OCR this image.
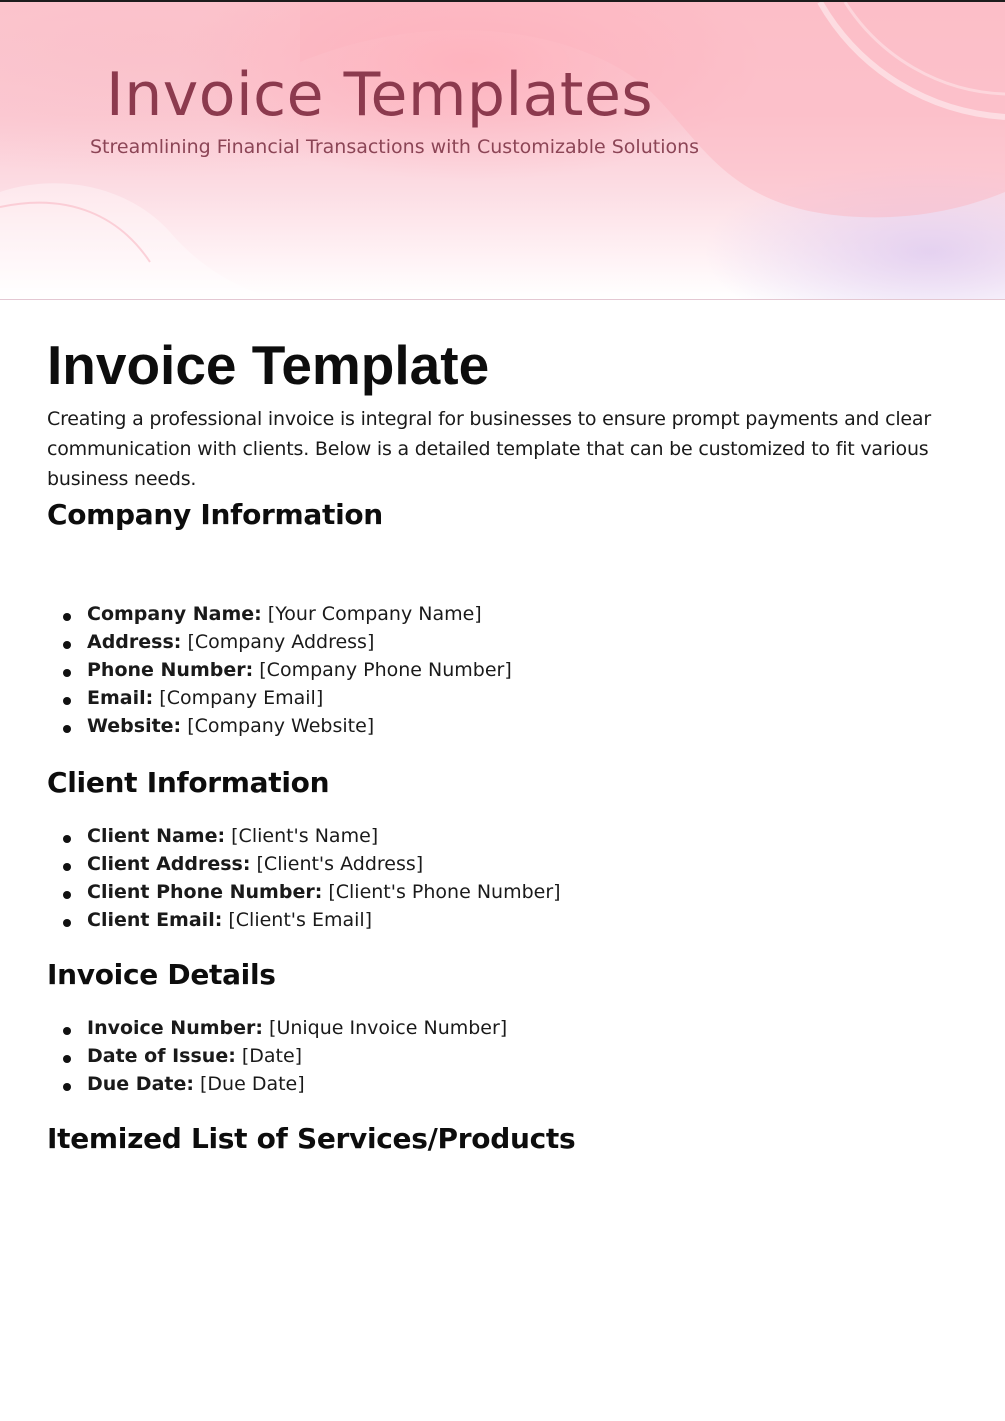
Invoice Templates

Streamlining Financial Transactions with Customizable Solutions

Invoice Template

Creating a professional invoice is integral for businesses to ensure prompt payments and clear communication with clients. Below is a detailed template that can be customized to fit various business needs.

Company Information
Company Name: [Your Company Name]
Address: [Company Address]
Phone Number: [Company Phone Number]
Email: [Company Email]
Website: [Company Website]
Client Information
Client Name: [Client's Name]
Client Address: [Client's Address]
Client Phone Number: [Client's Phone Number]
Client Email: [Client's Email]
Invoice Details
Invoice Number: [Unique Invoice Number]
Date of Issue: [Date]
Due Date: [Due Date]
Itemized List of Services/Products
